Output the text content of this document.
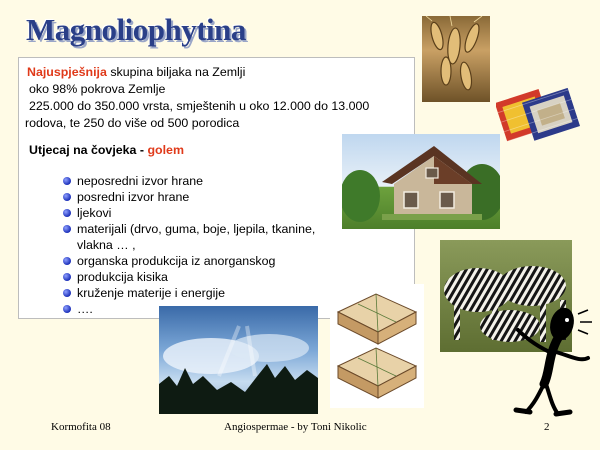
Magnoliophytina
Najuspješnija skupina biljaka na Zemlji
oko 98% pokrova Zemlje
225.000 do 350.000 vrsta, smještenih u oko 12.000 do 13.000
rodova, te 250 do više od 500 porodica
Utjecaj na čovjeka - golem
neposredni izvor hrane
posredni izvor hrane
ljekovi
materijali (drvo, guma, boje, ljepila, tkanine,
vlakna … ,
organska produkcija iz anorganskog
produkcija kisika
kruženje materije i energije
….
Kormofita 08	Angiospermae - by Toni Nikolic	2
